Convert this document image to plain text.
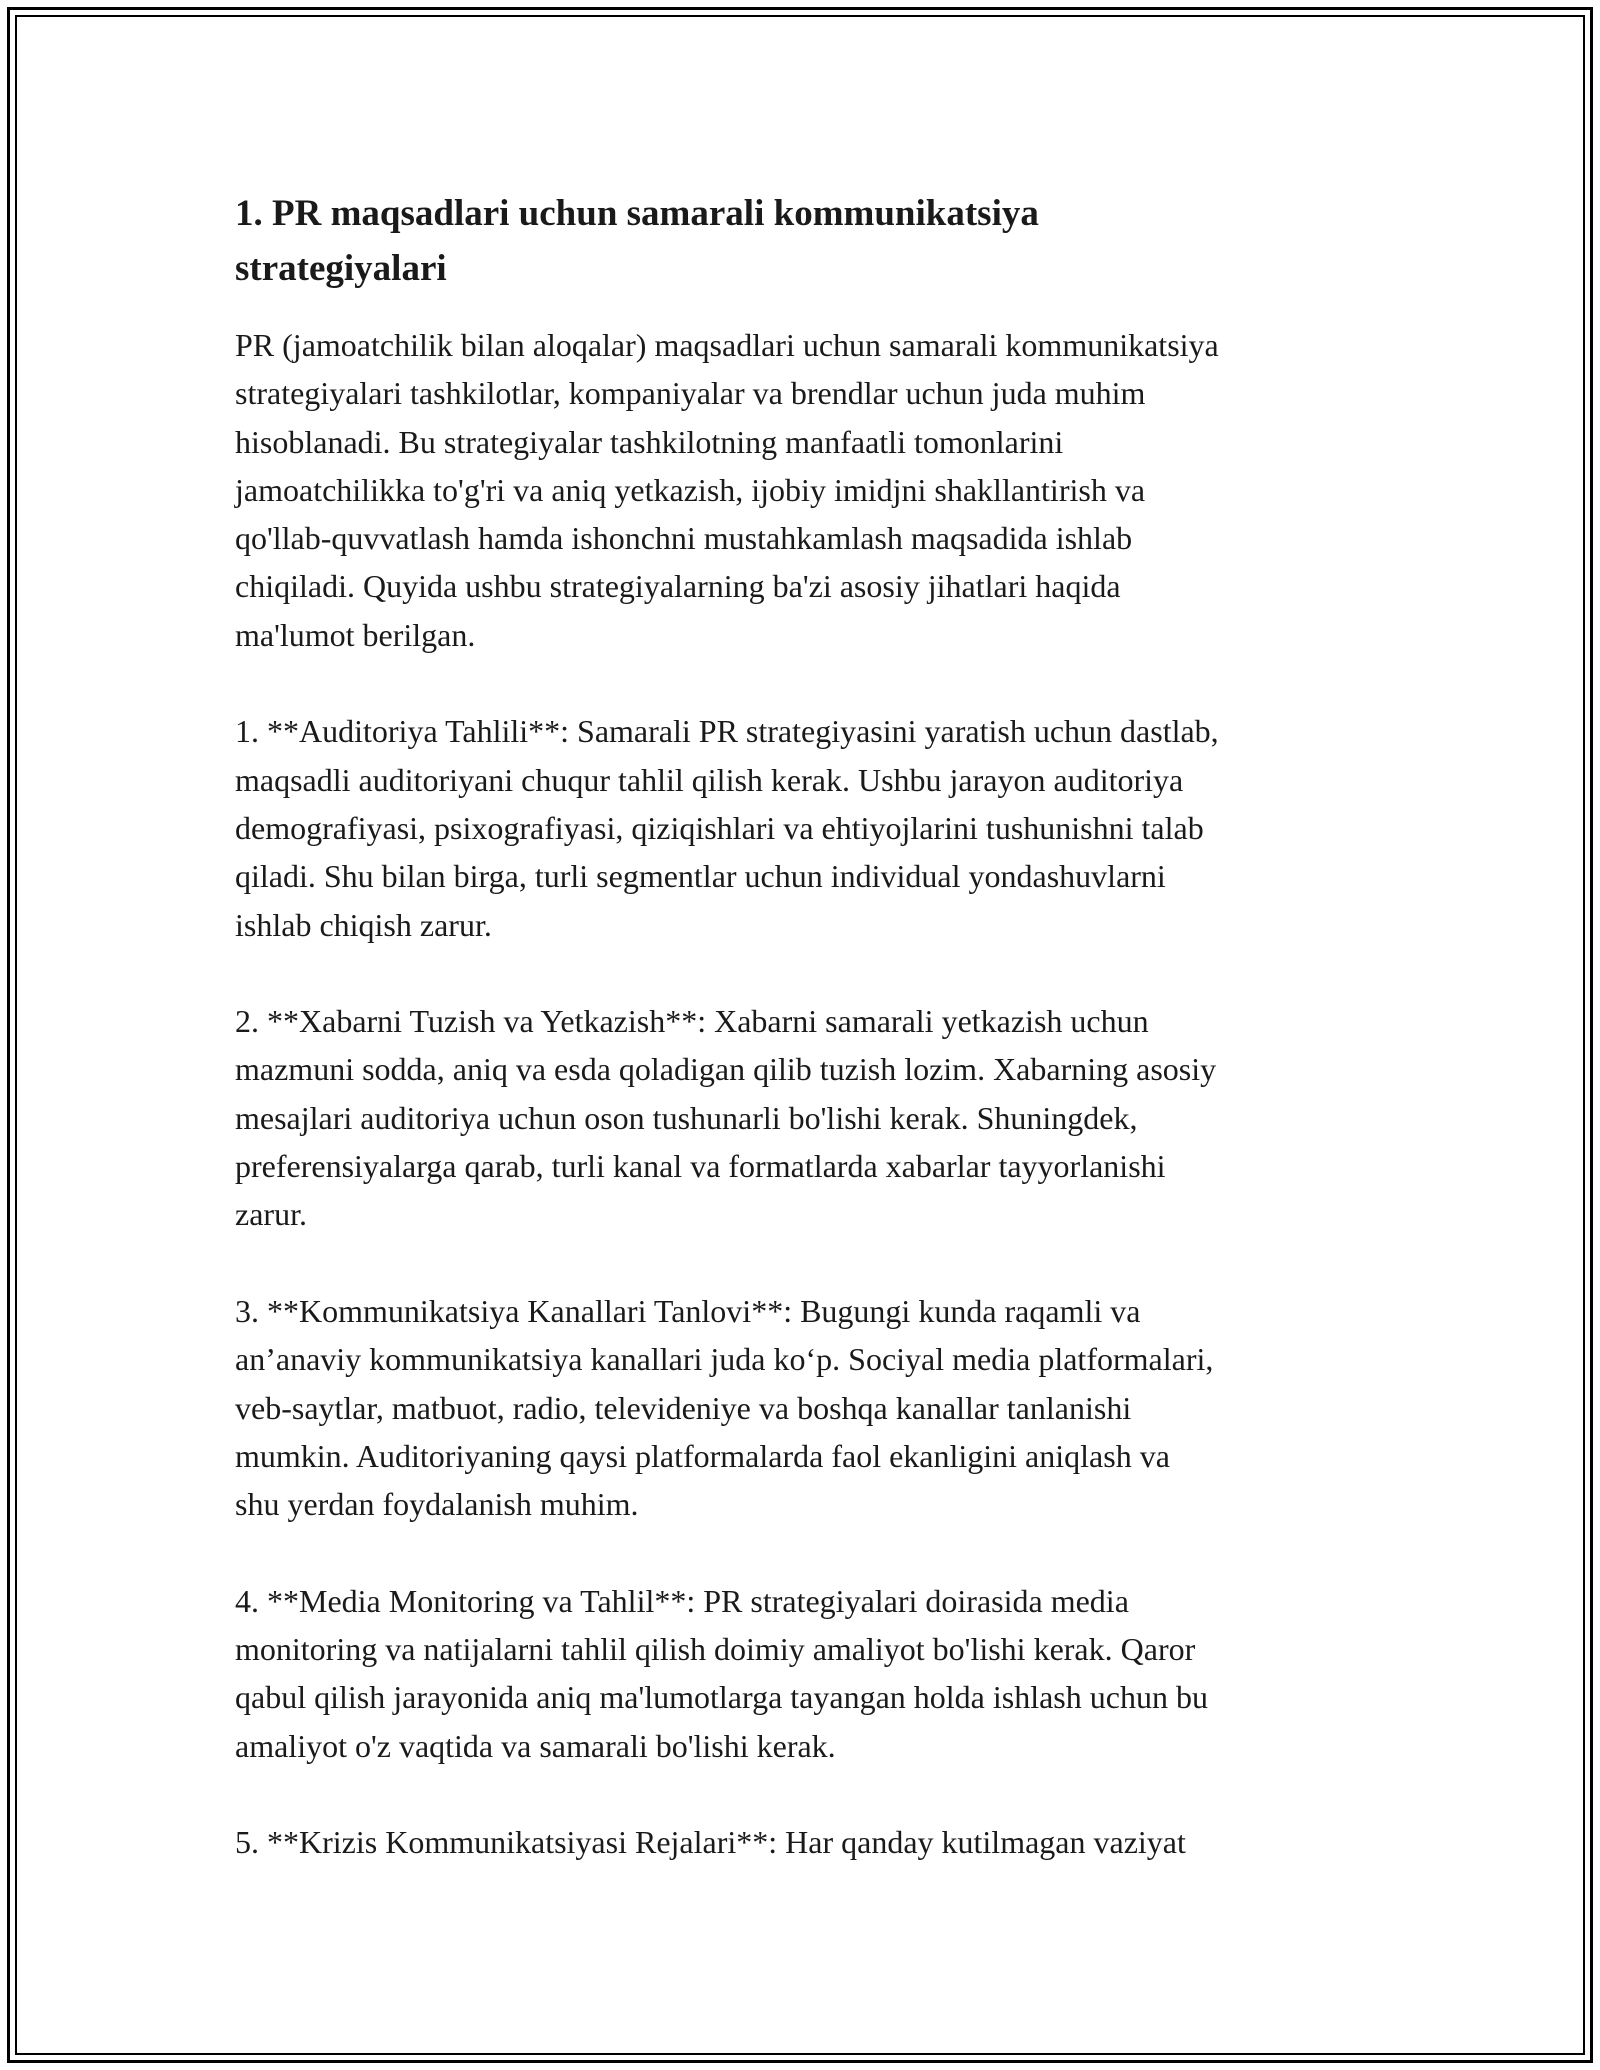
1. PR maqsadlari uchun samarali kommunikatsiya
strategiyalari

PR (jamoatchilik bilan aloqalar) maqsadlari uchun samarali kommunikatsiya
strategiyalari tashkilotlar, kompaniyalar va brendlar uchun juda muhim
hisoblanadi. Bu strategiyalar tashkilotning manfaatli tomonlarini
jamoatchilikka to'g'ri va aniq yetkazish, ijobiy imidjni shakllantirish va
qo'llab-quvvatlash hamda ishonchni mustahkamlash maqsadida ishlab
chiqiladi. Quyida ushbu strategiyalarning ba'zi asosiy jihatlari haqida
ma'lumot berilgan.

1. **Auditoriya Tahlili**: Samarali PR strategiyasini yaratish uchun dastlab,
maqsadli auditoriyani chuqur tahlil qilish kerak. Ushbu jarayon auditoriya
demografiyasi, psixografiyasi, qiziqishlari va ehtiyojlarini tushunishni talab
qiladi. Shu bilan birga, turli segmentlar uchun individual yondashuvlarni
ishlab chiqish zarur.

2. **Xabarni Tuzish va Yetkazish**: Xabarni samarali yetkazish uchun
mazmuni sodda, aniq va esda qoladigan qilib tuzish lozim. Xabarning asosiy
mesajlari auditoriya uchun oson tushunarli bo'lishi kerak. Shuningdek,
preferensiyalarga qarab, turli kanal va formatlarda xabarlar tayyorlanishi
zarur.

3. **Kommunikatsiya Kanallari Tanlovi**: Bugungi kunda raqamli va
an’anaviy kommunikatsiya kanallari juda ko‘p. Sociyal media platformalari,
veb-saytlar, matbuot, radio, televideniye va boshqa kanallar tanlanishi
mumkin. Auditoriyaning qaysi platformalarda faol ekanligini aniqlash va
shu yerdan foydalanish muhim.

4. **Media Monitoring va Tahlil**: PR strategiyalari doirasida media
monitoring va natijalarni tahlil qilish doimiy amaliyot bo'lishi kerak. Qaror
qabul qilish jarayonida aniq ma'lumotlarga tayangan holda ishlash uchun bu
amaliyot o'z vaqtida va samarali bo'lishi kerak.

5. **Krizis Kommunikatsiyasi Rejalari**: Har qanday kutilmagan vaziyat
